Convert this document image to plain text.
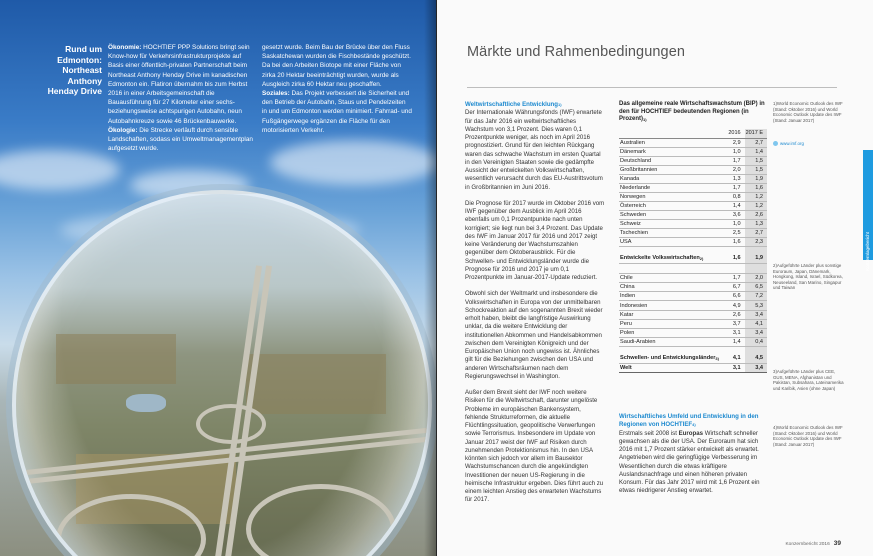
Rund um Edmonton: Northeast Anthony Henday Drive
Ökonomie: HOCHTIEF PPP Solutions bringt sein Know-how für Verkehrsinfrastrukturprojekte auf Basis einer öffentlich-privaten Partnerschaft beim Northeast Anthony Henday Drive im kanadischen Edmonton ein. Flatiron übernahm bis zum Herbst 2016 in einer Arbeitsgemeinschaft die Bauausführung für 27 Kilometer einer sechs- beziehungsweise achtspurigen Autobahn, neun Autobahnkreuze sowie 46 Brückenbauwerke.
Ökologie: Die Strecke verläuft durch sensible Landschaften, sodass ein Umweltmanagementplan aufgesetzt wurde.
gesetzt wurde. Beim Bau der Brücke über den Fluss Saskatchewan wurden die Fischbestände geschützt. Da bei den Arbeiten Biotope mit einer Fläche von zirka 20 Hektar beeinträchtigt wurden, wurde als Ausgleich zirka 60 Hektar neu geschaffen.
Soziales: Das Projekt verbessert die Sicherheit und den Betrieb der Autobahn, Staus und Pendelzeiten in und um Edmonton werden minimiert. Fahrrad- und Fußgängerwege ergänzen die Fläche für den motorisierten Verkehr.
Märkte und Rahmenbedingungen
Konzernlagebericht
Weltwirtschaftliche Entwicklung$^{1)}$

Der Internationale Währungsfonds (IWF) erwartete für das Jahr 2016 ein weltwirtschaftliches Wachstum von 3,1 Prozent. Dies waren 0,1 Prozentpunkte weniger, als noch im April 2016 prognostiziert. Grund für den leichten Rückgang waren das schwache Wachstum im ersten Quartal in den Vereinigten Staaten sowie die gedämpfte Aussicht der entwickelten Volkswirtschaften, wesentlich verursacht durch das EU-Austrittsvotum in Großbritannien im Juni 2016.

Die Prognose für 2017 wurde im Oktober 2016 vom IWF gegenüber dem Ausblick im April 2016 ebenfalls um 0,1 Prozentpunkte nach unten korrigiert; sie liegt nun bei 3,4 Prozent. Das Update des IWF im Januar 2017 für 2016 und 2017 zeigt keine Veränderung der Wachstumszahlen gegenüber dem Oktoberausblick. Für die Schwellen- und Entwicklungsländer wurde die Prognose für 2016 und 2017 je um 0,1 Prozentpunkte im Januar-2017-Update reduziert.

Obwohl sich der Weltmarkt und insbesondere die Volkswirtschaften in Europa von der unmittelbaren Schockreaktion auf den sogenannten Brexit wieder erholt haben, bleibt die langfristige Auswirkung unklar, da die weitere Entwicklung der institutionellen Abkommen und Handelsabkommen zwischen dem Vereinigten Königreich und der Europäischen Union noch ungewiss ist. Ähnliches gilt für die Beziehungen zwischen den USA und anderen Wirtschaftsräumen nach dem Regierungswechsel in Washington.

Außer dem Brexit sieht der IWF noch weitere Risiken für die Weltwirtschaft, darunter ungelöste Probleme im europäischen Bankensystem, fehlende Strukturreformen, die aktuelle Flüchtlingssituation, geopolitische Verwerfungen sowie Terrorismus. Insbesondere im Update von Januar 2017 weist der IWF auf Risiken durch zunehmenden Protektionismus hin. In den USA könnten sich jedoch vor allem im Bausektor Wachstumschancen durch die angekündigten Investitionen der neuen US-Regierung in die heimische Infrastruktur ergeben. Dies führt auch zu einem leichten Anstieg des erwarteten Wachstums für 2017.

Das allgemeine reale Wirtschaftswachstum (BIP) in den für HOCHTIEF bedeutenden Regionen (in Prozent)$^{1)}$
	2016	2017 E
Australien	2,9	2,7
Dänemark	1,0	1,4
Deutschland	1,7	1,5
Großbritannien	2,0	1,5
Kanada	1,3	1,9
Niederlande	1,7	1,6
Norwegen	0,8	1,2
Österreich	1,4	1,2
Schweden	3,6	2,6
Schweiz	1,0	1,3
Tschechien	2,5	2,7
USA	1,6	2,3
Entwickelte Volkswirtschaften$^{2)}$	1,6	1,9

Chile	1,7	2,0
China	6,7	6,5
Indien	6,6	7,2
Indonesien	4,9	5,3
Katar	2,6	3,4
Peru	3,7	4,1
Polen	3,1	3,4
Saudi-Arabien	1,4	0,4
Schwellen- und Entwicklungsländer$^{3)}$	4,1	4,5
Welt	3,1	3,4
1)World Economic Outlook des IWF (Stand: Oktober 2016) und World Economic Outlook Update des IWF (Stand: Januar 2017)
www.imf.org
2)Aufgeführte Länder plus sonstige Euroraum, Japan, Dänemark, Hongkong, Island, Israel, Südkorea, Neuseeland, San Marino, Singapur und Taiwan
3)Aufgeführte Länder plus CEE, GUS, MENA, Afghanistan und Pakistan, Subsahara, Lateinamerika und Karibik, Asien (ohne Japan)
4)World Economic Outlook des IWF (Stand: Oktober 2016) und World Economic Outlook Update des IWF (Stand: Januar 2017)
Wirtschaftliches Umfeld und Entwicklung in den Regionen von HOCHTIEF$^{4)}$

Erstmals seit 2008 ist Europas Wirtschaft schneller gewachsen als die der USA. Der Euroraum hat sich 2016 mit 1,7 Prozent stärker entwickelt als erwartet. Angetrieben wird die geringfügige Verbesserung im Wesentlichen durch die etwas kräftigere Auslandsnachfrage und einen höheren privaten Konsum. Für das Jahr 2017 wird mit 1,6 Prozent ein etwas niedrigerer Anstieg erwartet.

Konzernbericht 2016 39
